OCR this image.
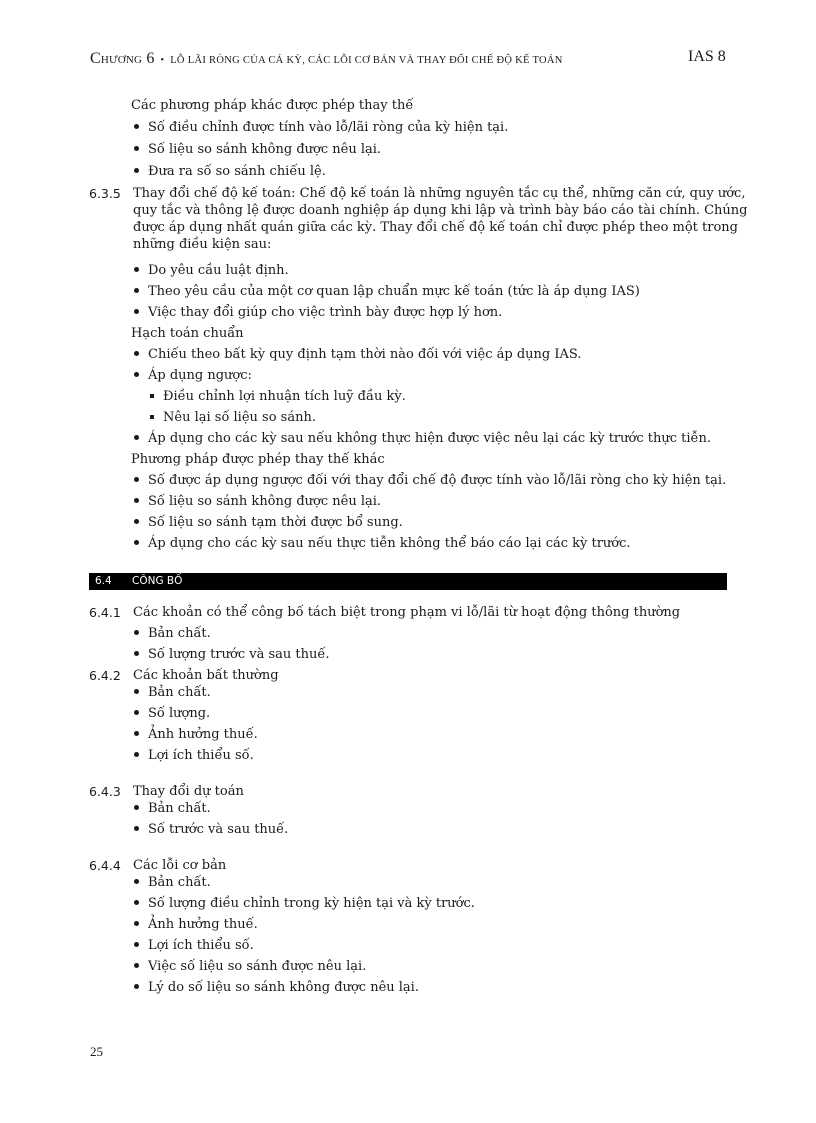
Chương 6 • LỖ LÃI RÒNG CỦA CÁ KỲ, CÁC LỖI CƠ BẢN VÀ THAY ĐỔI CHẾ ĐỘ KẾ TOÁN	IAS 8
Các phương pháp khác được phép thay thế
Số điều chỉnh được tính vào lỗ/lãi ròng của kỳ hiện tại.
Số liệu so sánh không được nêu lại.
Đưa ra số so sánh chiếu lệ.
6.3.5 Thay đổi chế độ kế toán: Chế độ kế toán là những nguyên tắc cụ thể, những căn cứ, quy ước,
quy tắc và thông lệ được doanh nghiệp áp dụng khi lập và trình bày báo cáo tài chính. Chúng
được áp dụng nhất quán giữa các kỳ. Thay đổi chế độ kế toán chỉ được phép theo một trong
những điều kiện sau:
Do yêu cầu luật định.
Theo yêu cầu của một cơ quan lập chuẩn mực kế toán (tức là áp dụng IAS)
Việc thay đổi giúp cho việc trình bày được hợp lý hơn.
Hạch toán chuẩn
Chiếu theo bất kỳ quy định tạm thời nào đối với việc áp dụng IAS.
Áp dụng ngược:
Điều chỉnh lợi nhuận tích luỹ đầu kỳ.
Nêu lại số liệu so sánh.
Áp dụng cho các kỳ sau nếu không thực hiện được việc nêu lại các kỳ trước thực tiễn.
Phương pháp được phép thay thế khác
Số được áp dụng ngược đối với thay đổi chế độ được tính vào lỗ/lãi ròng cho kỳ hiện tại.
Số liệu so sánh không được nêu lại.
Số liệu so sánh tạm thời được bổ sung.
Áp dụng cho các kỳ sau nếu thực tiễn không thể báo cáo lại các kỳ trước.
6.4 CÔNG BỐ
6.4.1 Các khoản có thể công bố tách biệt trong phạm vi lỗ/lãi từ hoạt động thông thường
Bản chất.
Số lượng trước và sau thuế.
6.4.2 Các khoản bất thường
Bản chất.
Số lượng.
Ảnh hưởng thuế.
Lợi ích thiểu số.
6.4.3 Thay đổi dự toán
Bản chất.
Số trước và sau thuế.
6.4.4 Các lỗi cơ bản
Bản chất.
Số lượng điều chỉnh trong kỳ hiện tại và kỳ trước.
Ảnh hưởng thuế.
Lợi ích thiểu số.
Việc số liệu so sánh được nêu lại.
Lý do số liệu so sánh không được nêu lại.
25
